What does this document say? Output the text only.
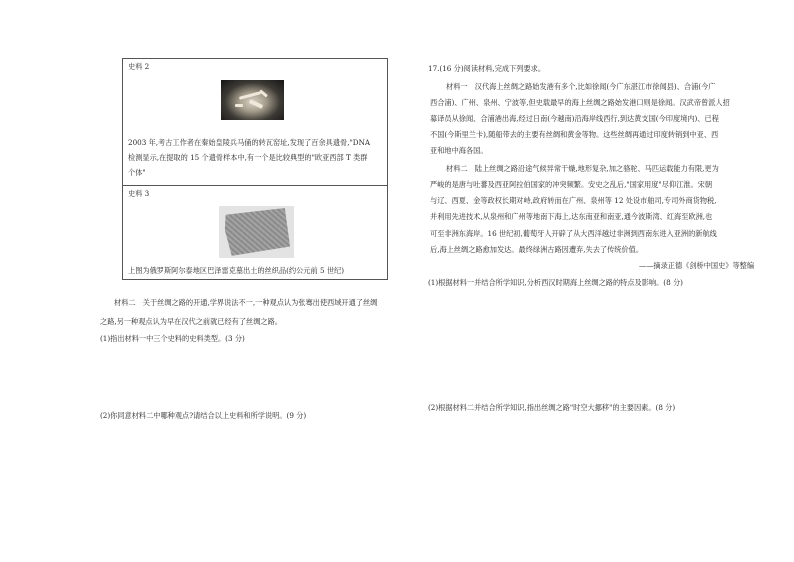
史料 2
2003 年,考古工作者在秦始皇陵兵马俑的转瓦窑址,发现了百余具遗骨,"DNA
检测显示,在提取的 15 个遗骨样本中,有一个是比较典型的"欧亚西部 T 类群
个体"
史料 3
上图为俄罗斯阿尔泰地区巴泽雷克墓出土的丝织品(约公元前 5 世纪)
材料二　关于丝绸之路的开通,学界说法不一,一种观点认为张骞出使西域开通了丝绸
之路,另一种观点认为早在汉代之前就已经有了丝绸之路。
(1)指出材料一中三个史料的史料类型。(3 分)
(2)你同意材料二中哪种观点?请结合以上史料和所学说明。(9 分)
17.(16 分)阅读材料,完成下列要求。
材料一　汉代海上丝绸之路始发港有多个,比如徐闻(今广东湛江市徐闻县)、合浦(今广
西合浦)、广州、泉州、宁波等,但史载最早的海上丝绸之路始发港口则是徐闻。汉武帝曾派人招
募译员从徐闻、合浦港出海,经过日南(今越南)沿海岸线西行,到达黄支国(今印度境内)、已程
不国(今斯里兰卡),随船带去的主要有丝绸和黄金等物。这些丝绸再通过印度转销到中亚、西
亚和地中海各国。
材料二　陆上丝绸之路沿途气候异常干燥,地形复杂,加之骆驼、马匹运载能力有限,更为
严峻的是唐与吐蕃及西亚阿拉伯国家的冲突频繁。安史之乱后,"国家用度"尽仰江淮。宋朝
与辽、西夏、金等政权长期对峙,政府转而在广州、泉州等 12 处设市舶司,专司外商货物税,
并利用先进技术,从泉州和广州等地南下海上,达东南亚和南亚,通今波斯湾、红海至欧洲,也
可至非洲东海岸。16 世纪初,葡萄牙人开辟了从大西洋越过非洲到西南东进入亚洲的新航线
后,海上丝绸之路愈加发达。最终绿洲古路因遭弃,失去了传统价值。
——摘录正德《剑桥中国史》等整编
(1)根据材料一并结合所学知识,分析西汉时期海上丝绸之路的特点及影响。(8 分)
(2)根据材料二并结合所学知识,指出丝绸之路"时空大挪移"的主要因素。(8 分)
